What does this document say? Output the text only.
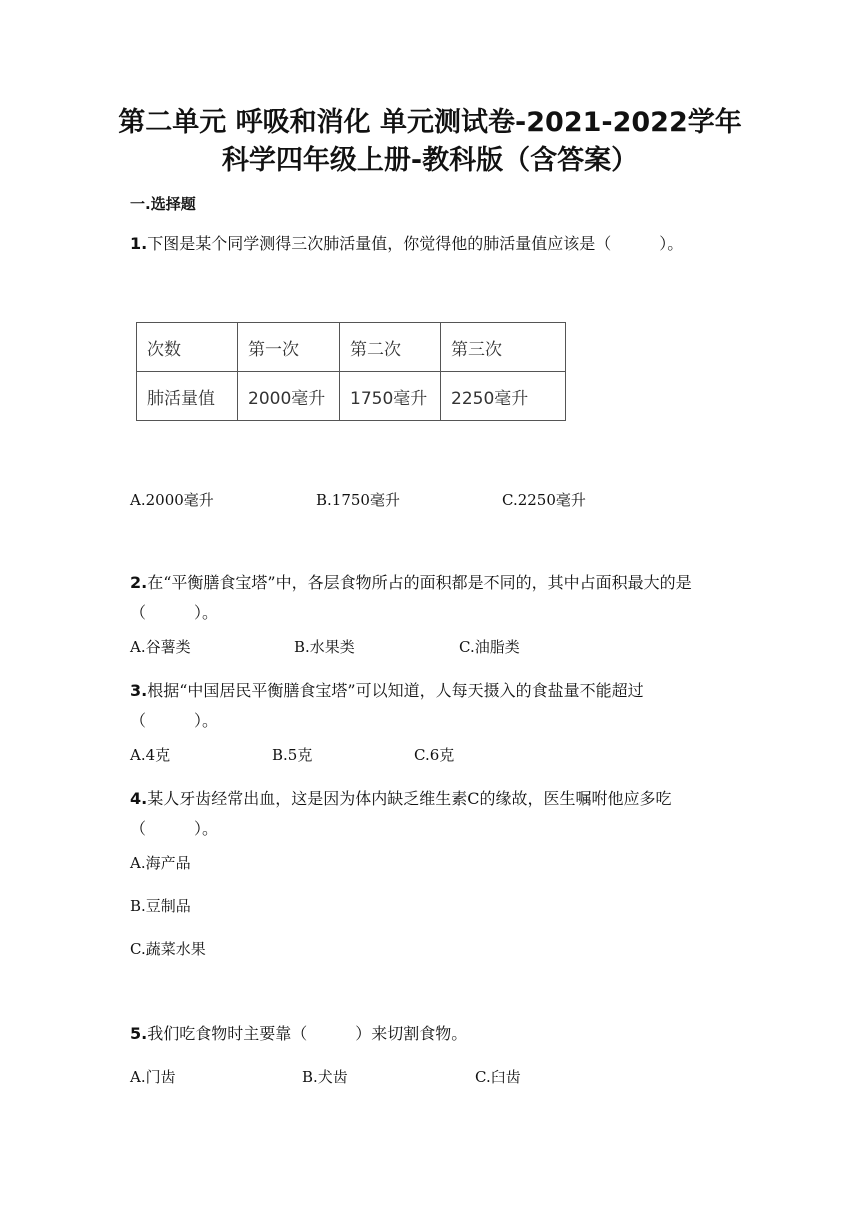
第二单元 呼吸和消化 单元测试卷-2021-2022学年
科学四年级上册-教科版（含答案）
一.选择题
1.下图是某个同学测得三次肺活量值，你觉得他的肺活量值应该是（　　　）。
次数	第一次	第二次	第三次
肺活量值	2000毫升	1750毫升	2250毫升
A.2000毫升	B.1750毫升	C.2250毫升
2.在“平衡膳食宝塔”中，各层食物所占的面积都是不同的，其中占面积最大的是（　　　）。
A.谷薯类	B.水果类	C.油脂类
3.根据“中国居民平衡膳食宝塔”可以知道，人每天摄入的食盐量不能超过（　　　）。
A.4克	B.5克	C.6克
4.某人牙齿经常出血，这是因为体内缺乏维生素C的缘故，医生嘱咐他应多吃（　　　）。
A.海产品
B.豆制品
C.蔬菜水果
5.我们吃食物时主要靠（　　　）来切割食物。
A.门齿	B.犬齿	C.臼齿
